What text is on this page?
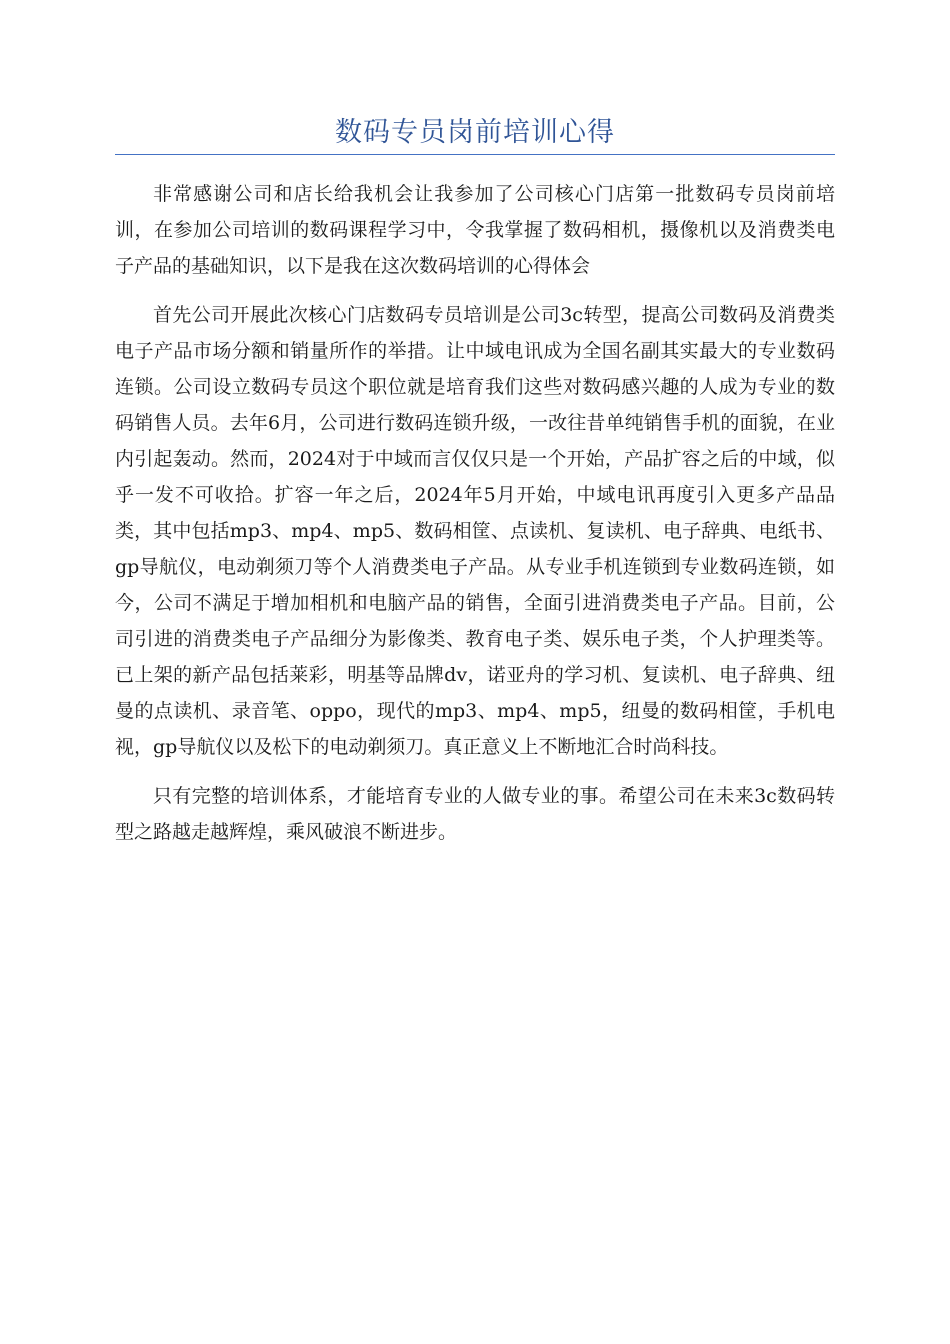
数码专员岗前培训心得

非常感谢公司和店长给我机会让我参加了公司核心门店第一批数码专员岗前培训，在参加公司培训的数码课程学习中，令我掌握了数码相机，摄像机以及消费类电子产品的基础知识，以下是我在这次数码培训的心得体会

首先公司开展此次核心门店数码专员培训是公司3c转型，提高公司数码及消费类电子产品市场分额和销量所作的举措。让中域电讯成为全国名副其实最大的专业数码连锁。公司设立数码专员这个职位就是培育我们这些对数码感兴趣的人成为专业的数码销售人员。去年6月，公司进行数码连锁升级，一改往昔单纯销售手机的面貌，在业内引起轰动。然而，2024对于中域而言仅仅只是一个开始，产品扩容之后的中域，似乎一发不可收拾。扩容一年之后，2024年5月开始，中域电讯再度引入更多产品品类，其中包括mp3、mp4、mp5、数码相筐、点读机、复读机、电子辞典、电纸书、gp导航仪，电动剃须刀等个人消费类电子产品。从专业手机连锁到专业数码连锁，如今，公司不满足于增加相机和电脑产品的销售，全面引进消费类电子产品。目前，公司引进的消费类电子产品细分为影像类、教育电子类、娱乐电子类，个人护理类等。已上架的新产品包括莱彩，明基等品牌dv，诺亚舟的学习机、复读机、电子辞典、纽曼的点读机、录音笔、oppo，现代的mp3、mp4、mp5，纽曼的数码相筐，手机电视，gp导航仪以及松下的电动剃须刀。真正意义上不断地汇合时尚科技。

只有完整的培训体系，才能培育专业的人做专业的事。希望公司在未来3c数码转型之路越走越辉煌，乘风破浪不断进步。
